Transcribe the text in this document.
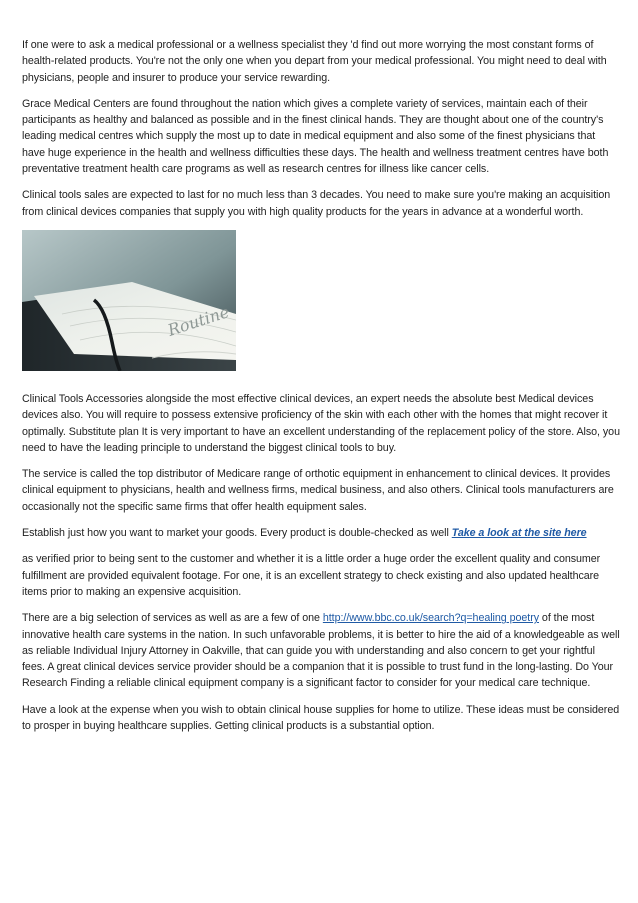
If one were to ask a medical professional or a wellness specialist they 'd find out more worrying the most constant forms of health-related products. You're not the only one when you depart from your medical professional. You might need to deal with physicians, people and insurer to produce your service rewarding.

Grace Medical Centers are found throughout the nation which gives a complete variety of services, maintain each of their participants as healthy and balanced as possible and in the finest clinical hands. They are thought about one of the country's leading medical centres which supply the most up to date in medical equipment and also some of the finest physicians that have huge experience in the health and wellness difficulties these days. The health and wellness treatment centres have both preventative treatment health care programs as well as research centres for illness like cancer cells.

Clinical tools sales are expected to last for no much less than 3 decades. You need to make sure you're making an acquisition from clinical devices companies that supply you with high quality products for the years in advance at a wonderful worth.

Routine

Clinical Tools Accessories alongside the most effective clinical devices, an expert needs the absolute best Medical devices devices also. You will require to possess extensive proficiency of the skin with each other with the homes that might recover it optimally. Substitute plan It is very important to have an excellent understanding of the replacement policy of the store. Also, you need to have the leading principle to understand the biggest clinical tools to buy.

The service is called the top distributor of Medicare range of orthotic equipment in enhancement to clinical devices. It provides clinical equipment to physicians, health and wellness firms, medical business, and also others. Clinical tools manufacturers are occasionally not the specific same firms that offer health equipment sales.

Establish just how you want to market your goods. Every product is double-checked as well Take a look at the site here

as verified prior to being sent to the customer and whether it is a little order a huge order the excellent quality and consumer fulfillment are provided equivalent footage. For one, it is an excellent strategy to check existing and also updated healthcare items prior to making an expensive acquisition.

There are a big selection of services as well as are a few of one http://www.bbc.co.uk/search?q=healing poetry of the most innovative health care systems in the nation. In such unfavorable problems, it is better to hire the aid of a knowledgeable as well as reliable Individual Injury Attorney in Oakville, that can guide you with understanding and also concern to get your rightful fees. A great clinical devices service provider should be a companion that it is possible to trust fund in the long-lasting. Do Your Research Finding a reliable clinical equipment company is a significant factor to consider for your medical care technique.

Have a look at the expense when you wish to obtain clinical house supplies for home to utilize. These ideas must be considered to prosper in buying healthcare supplies. Getting clinical products is a substantial option.
